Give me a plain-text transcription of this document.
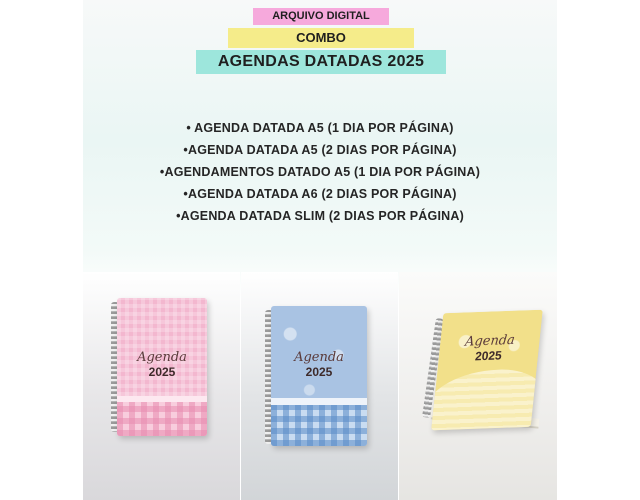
ARQUIVO DIGITAL
COMBO
AGENDAS DATADAS 2025
• AGENDA DATADA A5 (1 DIA POR PÁGINA)
•AGENDA DATADA A5 (2 DIAS POR PÁGINA)
•AGENDAMENTOS DATADO A5 (1 DIA POR PÁGINA)
•AGENDA DATADA A6 (2 DIAS POR PÁGINA)
•AGENDA DATADA SLIM (2 DIAS POR PÁGINA)
Agenda
2025
Agenda
2025
Agenda
2025
